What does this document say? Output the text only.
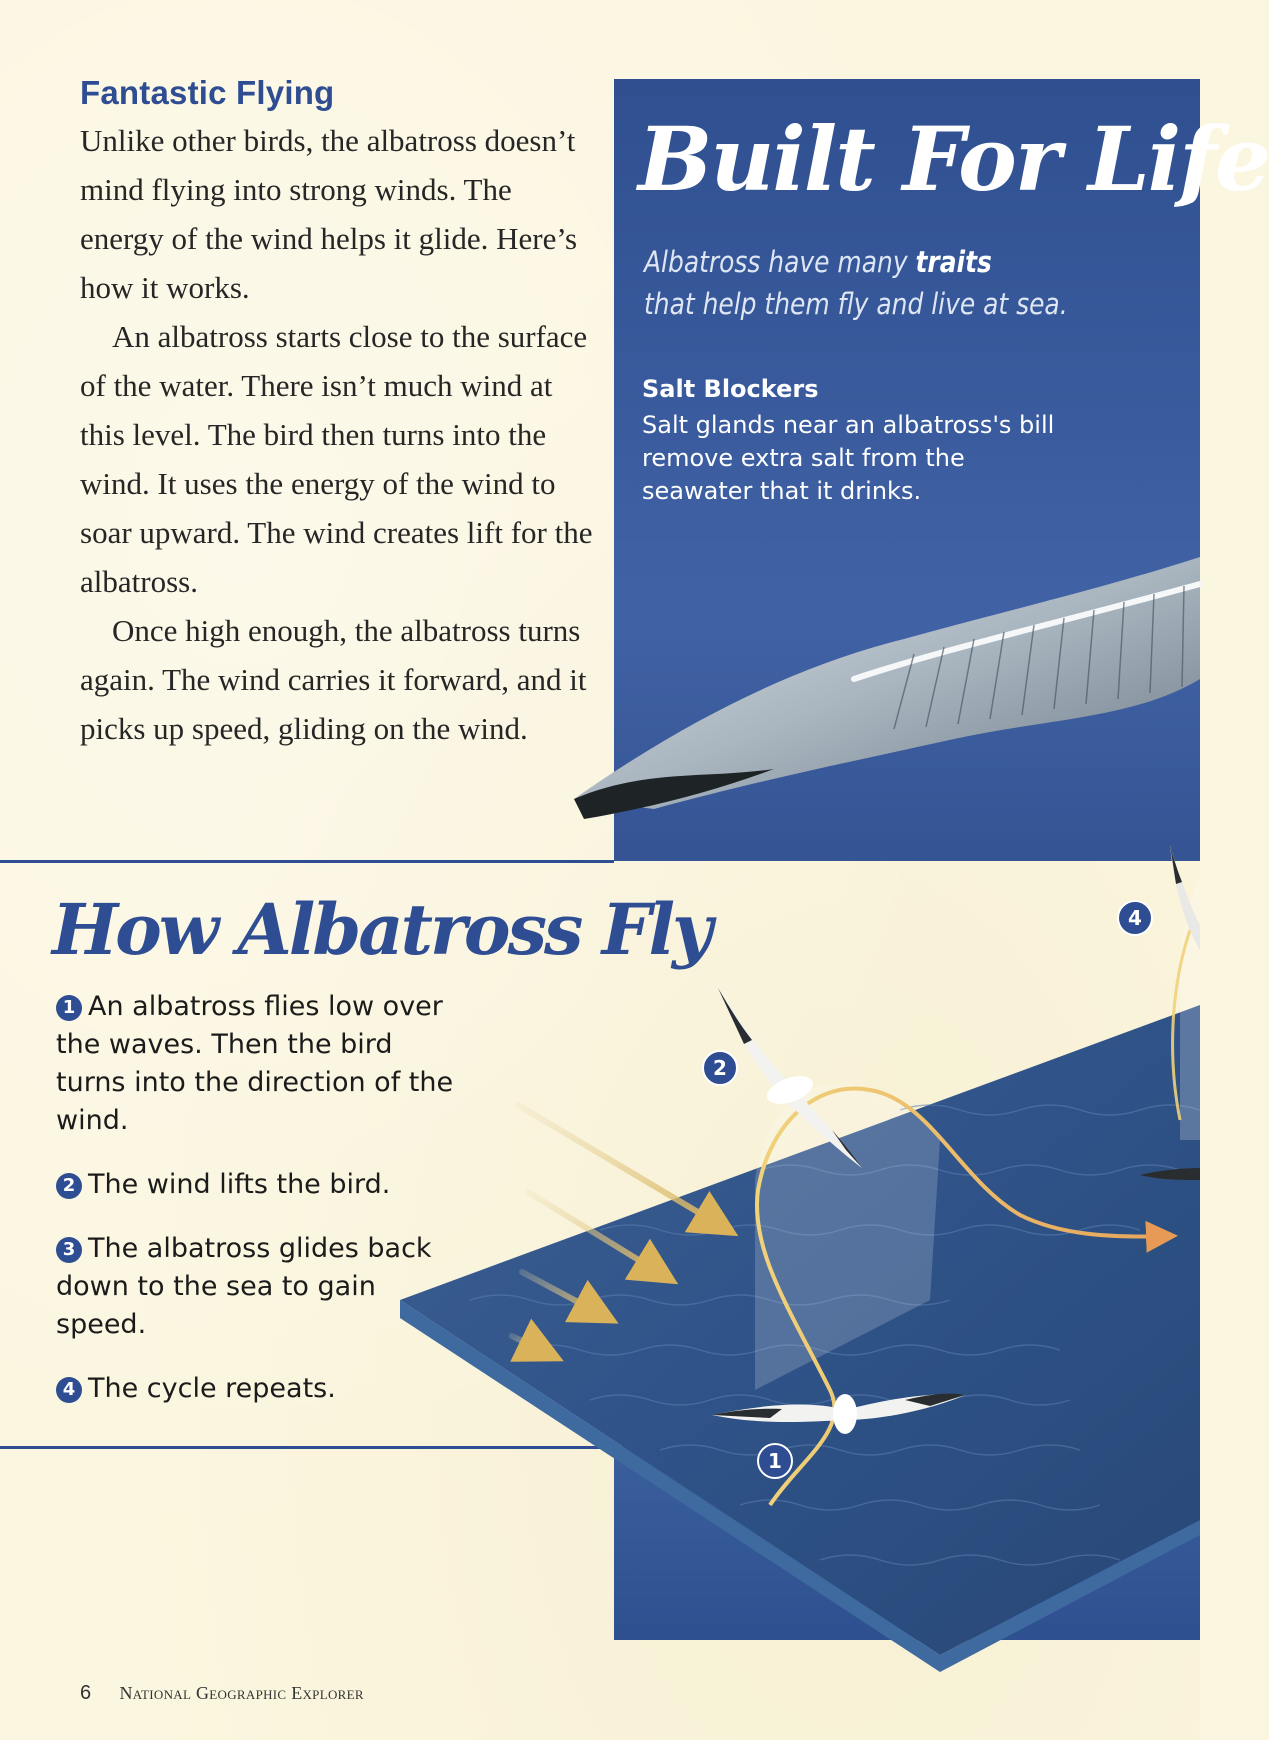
Fantastic Flying

Unlike other birds, the albatross doesn’t mind flying into strong winds. The energy of the wind helps it glide. Here’s how it works.

An albatross starts close to the surface of the water. There isn’t much wind at this level. The bird then turns into the wind. It uses the energy of the wind to soar upward. The wind creates lift for the albatross.

Once high enough, the albatross turns again. The wind carries it forward, and it picks up speed, gliding on the wind.

Built For Life
Albatross have many traits
that help them fly and live at sea.
Salt Blockers
Salt glands near an albatross's bill remove extra salt from the seawater that it drinks.
1
2
4
How Albatross Fly
1 An albatross flies low over the waves. Then the bird turns into the direction of the wind.
2 The wind lifts the bird.
3 The albatross glides back down to the sea to gain speed.
4 The cycle repeats.
6 National Geographic Explorer
